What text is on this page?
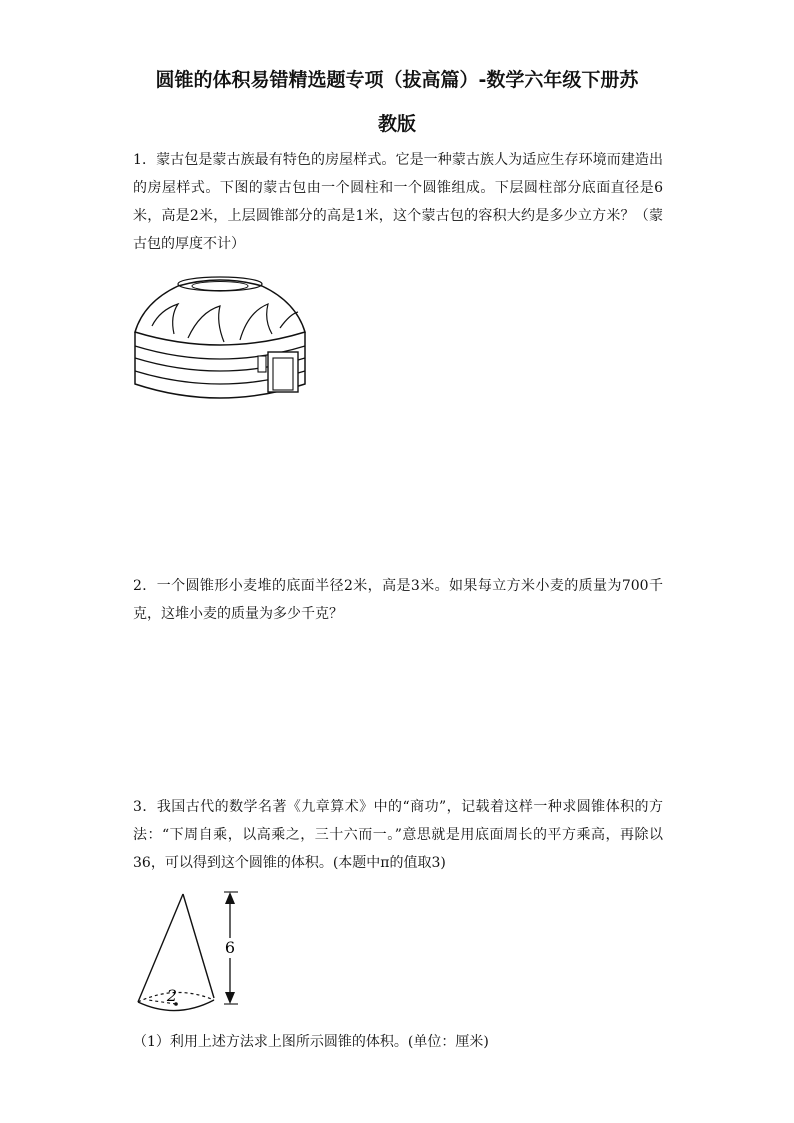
圆锥的体积易错精选题专项（拔高篇）-数学六年级下册苏
教版

1．蒙古包是蒙古族最有特色的房屋样式。它是一种蒙古族人为适应生存环境而建造出的房屋样式。下图的蒙古包由一个圆柱和一个圆锥组成。下层圆柱部分底面直径是6米，高是2米，上层圆锥部分的高是1米，这个蒙古包的容积大约是多少立方米？（蒙古包的厚度不计）

2．一个圆锥形小麦堆的底面半径2米，高是3米。如果每立方米小麦的质量为700千克，这堆小麦的质量为多少千克？

3．我国古代的数学名著《九章算术》中的“商功”，记载着这样一种求圆锥体积的方法：“下周自乘，以高乘之，三十六而一。”意思就是用底面周长的平方乘高，再除以36，可以得到这个圆锥的体积。(本题中π的值取3)

6
2
（1）利用上述方法求上图所示圆锥的体积。(单位：厘米)
